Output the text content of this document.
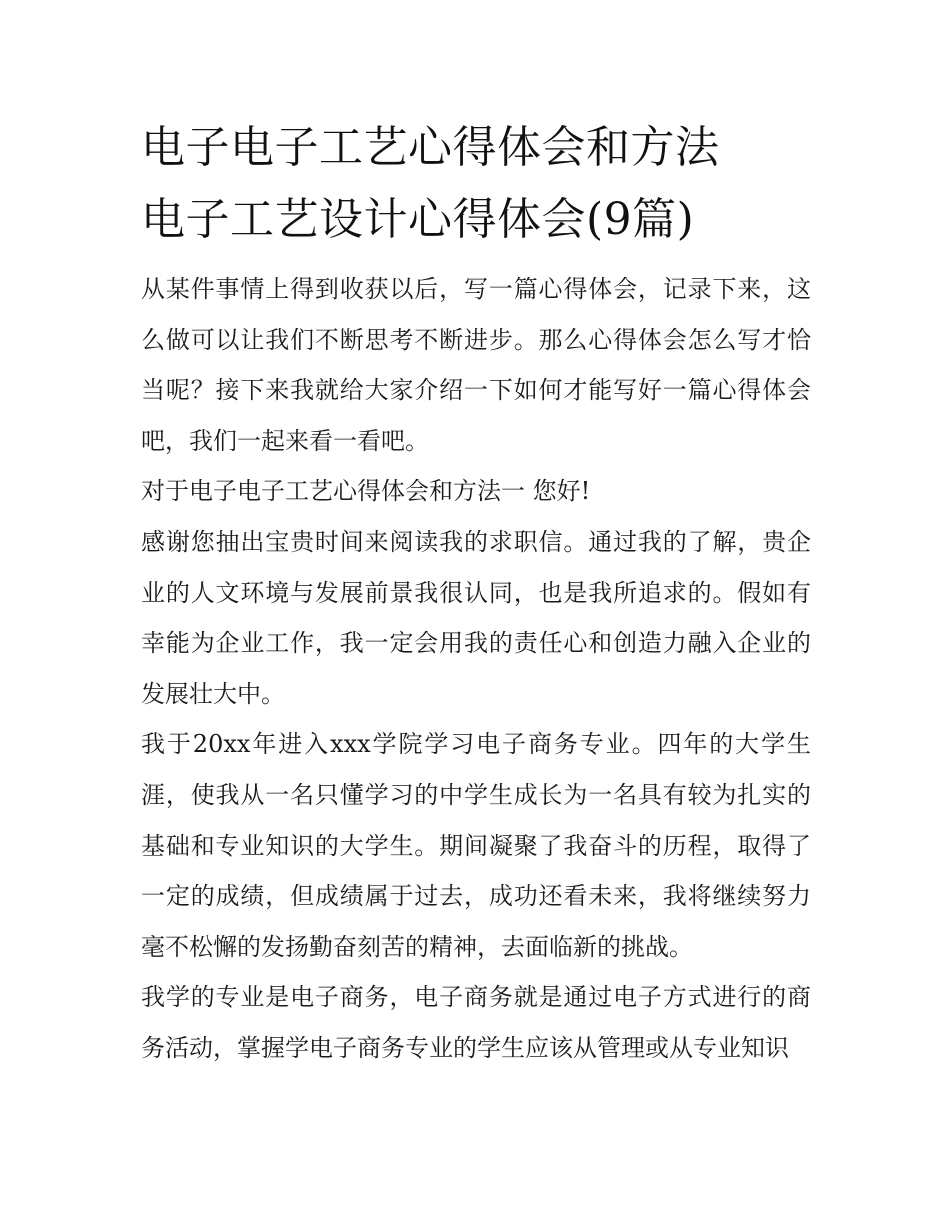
电子电子工艺心得体会和方法
电子工艺设计心得体会(9篇)

从某件事情上得到收获以后，写一篇心得体会，记录下来，这么做可以让我们不断思考不断进步。那么心得体会怎么写才恰当呢？接下来我就给大家介绍一下如何才能写好一篇心得体会吧，我们一起来看一看吧。

对于电子电子工艺心得体会和方法一 您好!

感谢您抽出宝贵时间来阅读我的求职信。通过我的了解，贵企业的人文环境与发展前景我很认同，也是我所追求的。假如有幸能为企业工作，我一定会用我的责任心和创造力融入企业的发展壮大中。

我于20xx年进入xxx学院学习电子商务专业。四年的大学生涯，使我从一名只懂学习的中学生成长为一名具有较为扎实的基础和专业知识的大学生。期间凝聚了我奋斗的历程，取得了一定的成绩，但成绩属于过去，成功还看未来，我将继续努力毫不松懈的发扬勤奋刻苦的精神，去面临新的挑战。

我学的专业是电子商务，电子商务就是通过电子方式进行的商务活动，掌握学电子商务专业的学生应该从管理或从专业知识
